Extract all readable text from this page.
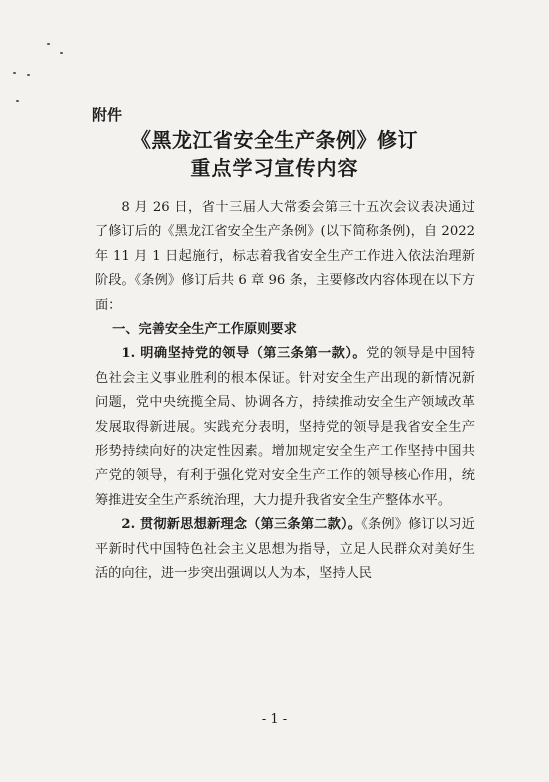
附件
《黑龙江省安全生产条例》修订
重点学习宣传内容

8 月 26 日，省十三届人大常委会第三十五次会议表决通过了修订后的《黑龙江省安全生产条例》(以下简称条例)，自 2022 年 11 月 1 日起施行，标志着我省安全生产工作进入依法治理新阶段。《条例》修订后共 6 章 96 条，主要修改内容体现在以下方面：

一、完善安全生产工作原则要求

1. 明确坚持党的领导（第三条第一款）。党的领导是中国特色社会主义事业胜利的根本保证。针对安全生产出现的新情况新问题，党中央统揽全局、协调各方，持续推动安全生产领域改革发展取得新进展。实践充分表明，坚持党的领导是我省安全生产形势持续向好的决定性因素。增加规定安全生产工作坚持中国共产党的领导，有利于强化党对安全生产工作的领导核心作用，统筹推进安全生产系统治理，大力提升我省安全生产整体水平。

2. 贯彻新思想新理念（第三条第二款）。《条例》修订以习近平新时代中国特色社会主义思想为指导，立足人民群众对美好生活的向往，进一步突出强调以人为本，坚持人民

- 1 -
